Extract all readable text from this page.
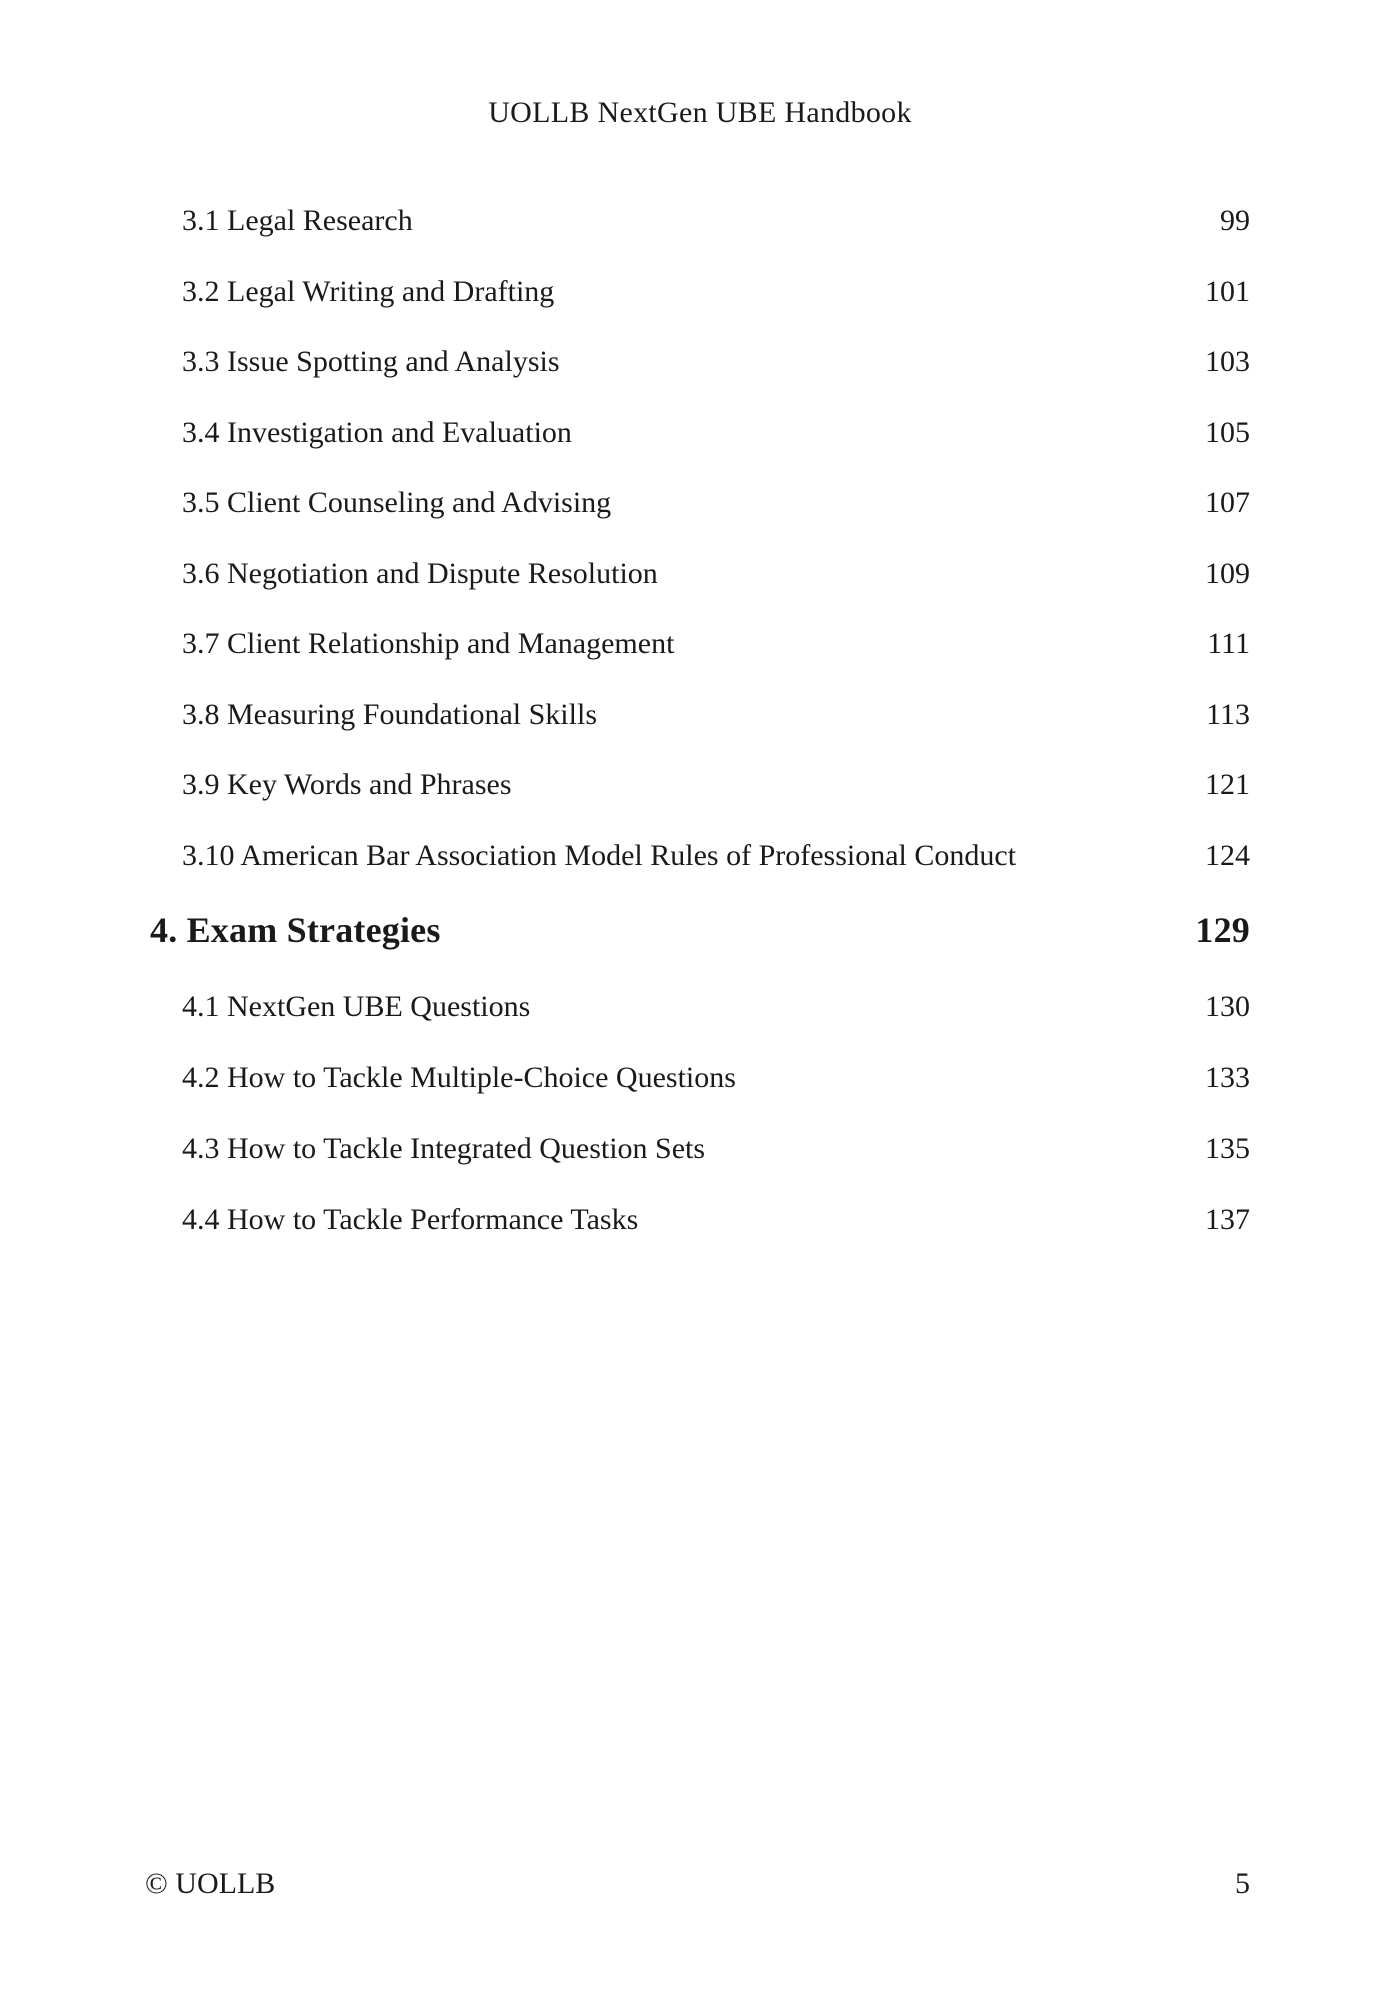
UOLLB NextGen UBE Handbook
3.1 Legal Research	99
3.2 Legal Writing and Drafting	101
3.3 Issue Spotting and Analysis	103
3.4 Investigation and Evaluation	105
3.5 Client Counseling and Advising	107
3.6 Negotiation and Dispute Resolution	109
3.7 Client Relationship and Management	111
3.8 Measuring Foundational Skills	113
3.9 Key Words and Phrases	121
3.10 American Bar Association Model Rules of Professional Conduct	124
4. Exam Strategies	129
4.1 NextGen UBE Questions	130
4.2 How to Tackle Multiple-Choice Questions	133
4.3 How to Tackle Integrated Question Sets	135
4.4 How to Tackle Performance Tasks	137
© UOLLB	5
